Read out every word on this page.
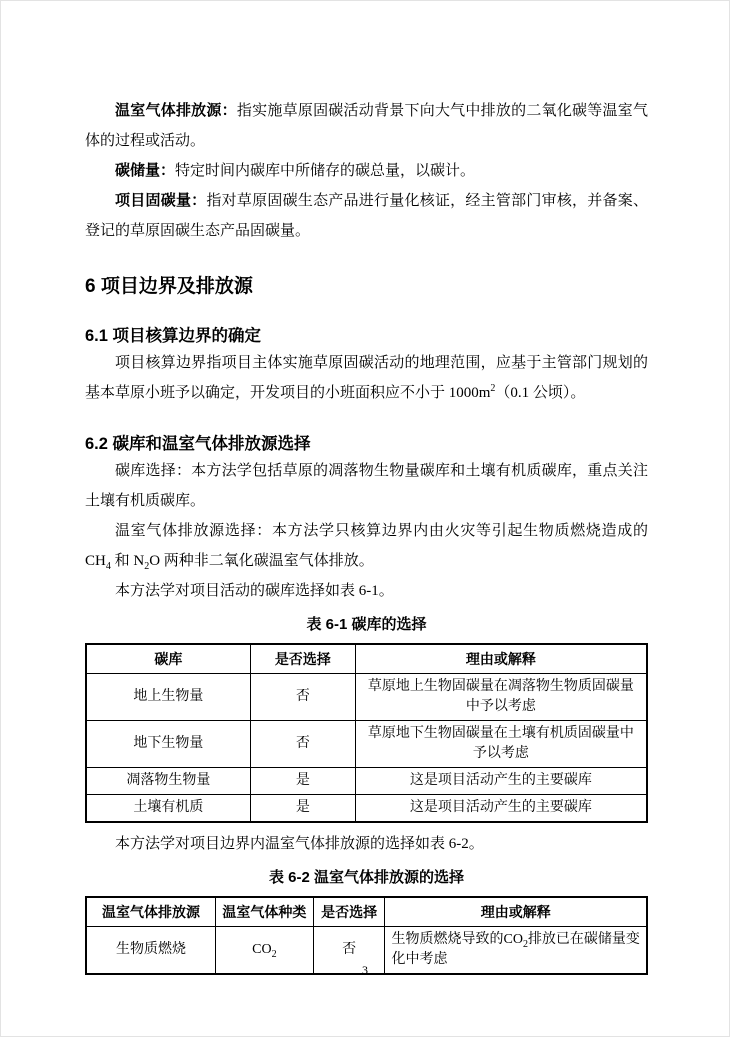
温室气体排放源：指实施草原固碳活动背景下向大气中排放的二氧化碳等温室气体的过程或活动。

碳储量：特定时间内碳库中所储存的碳总量，以碳计。

项目固碳量：指对草原固碳生态产品进行量化核证，经主管部门审核，并备案、登记的草原固碳生态产品固碳量。

6 项目边界及排放源
6.1 项目核算边界的确定

项目核算边界指项目主体实施草原固碳活动的地理范围，应基于主管部门规划的基本草原小班予以确定，开发项目的小班面积应不小于 $1000m^2(0.1$ 公顷）。

6.2 碳库和温室气体排放源选择

碳库选择：本方法学包括草原的凋落物生物量碳库和土壤有机质碳库，重点关注土壤有机质碳库。

温室气体排放源选择：本方法学只核算边界内由火灾等引起生物质燃烧造成的$CH_4$ 和 $N_2O$ 两种非二氧化碳温室气体排放。

本方法学对项目活动的碳库选择如表 6-1。

表 6-1 碳库的选择
碳库	是否选择	理由或解释
地上生物量	否	草原地上生物固碳量在凋落物生物质固碳量中予以考虑
地下生物量	否	草原地下生物固碳量在土壤有机质固碳量中予以考虑
凋落物生物量	是	这是项目活动产生的主要碳库
土壤有机质	是	这是项目活动产生的主要碳库

本方法学对项目边界内温室气体排放源的选择如表 6-2。

表 6-2 温室气体排放源的选择
温室气体排放源	温室气体种类	是否选择	理由或解释
生物质燃烧	$CO_2$	否	生物质燃烧导致的$CO_2$排放已在碳储量变化中考虑
3
